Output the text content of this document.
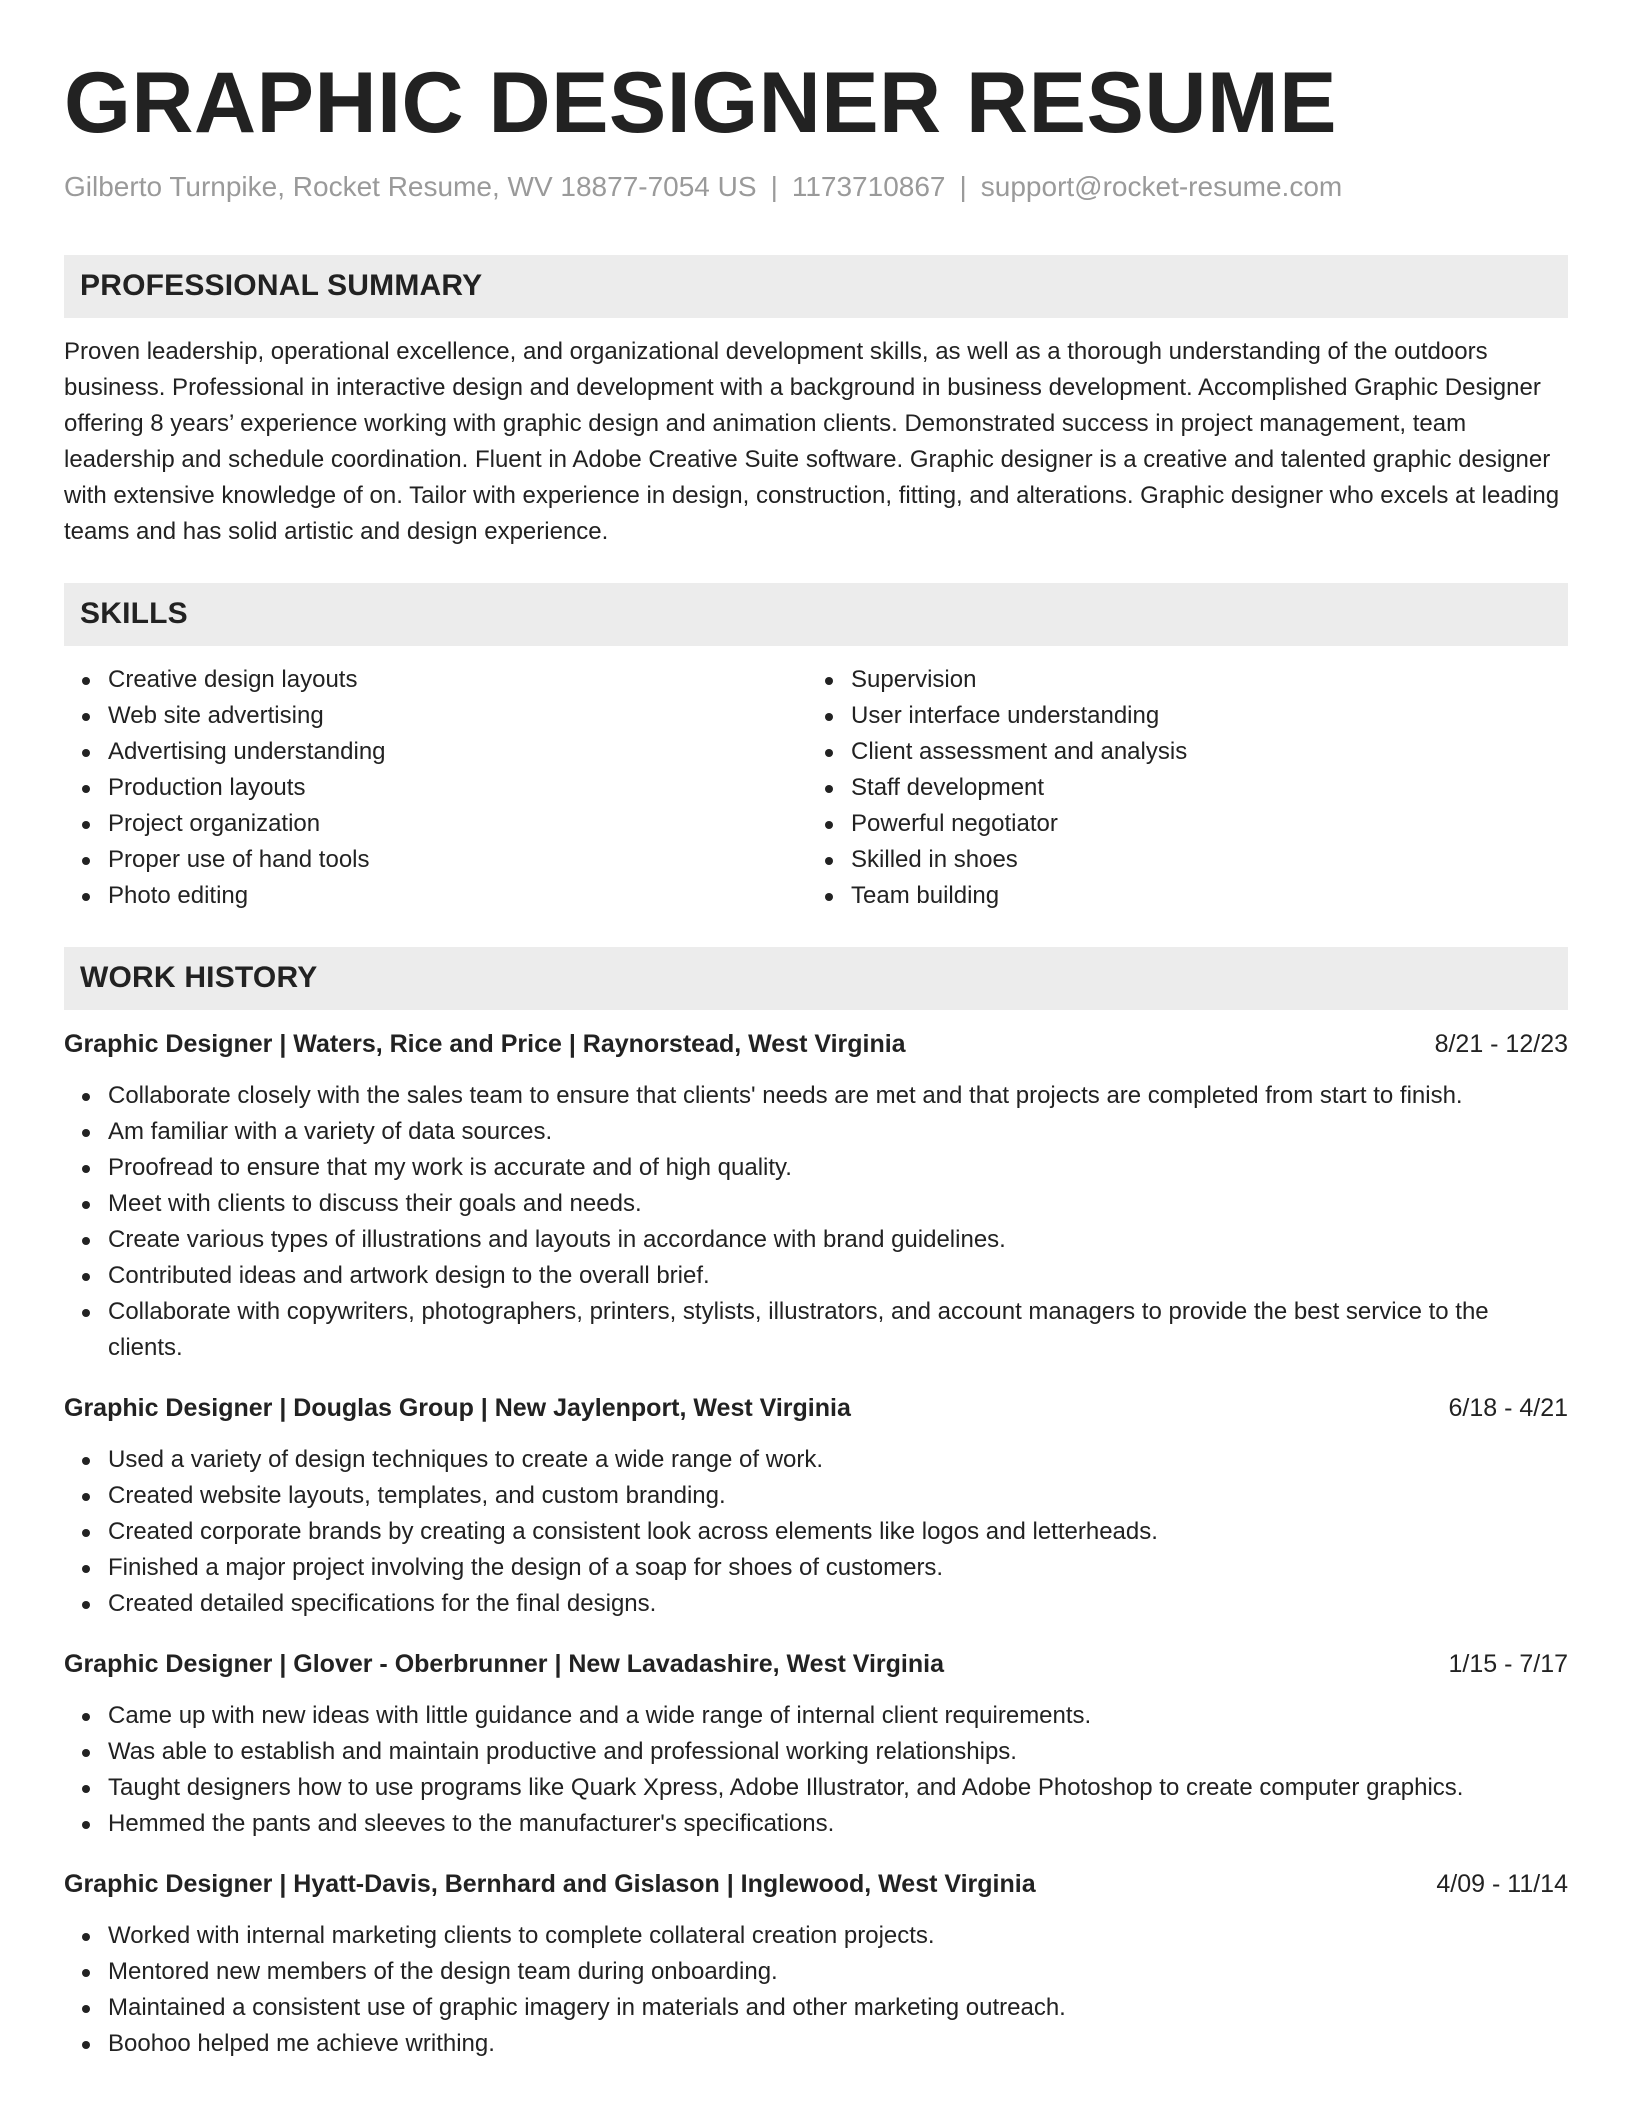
GRAPHIC DESIGNER RESUME
Gilberto Turnpike, Rocket Resume, WV 18877-7054 US | 1173710867 | support@rocket-resume.com
PROFESSIONAL SUMMARY

Proven leadership, operational excellence, and organizational development skills, as well as a thorough understanding of the outdoors business. Professional in interactive design and development with a background in business development. Accomplished Graphic Designer offering 8 years’ experience working with graphic design and animation clients. Demonstrated success in project management, team leadership and schedule coordination. Fluent in Adobe Creative Suite software. Graphic designer is a creative and talented graphic designer with extensive knowledge of on. Tailor with experience in design, construction, fitting, and alterations. Graphic designer who excels at leading teams and has solid artistic and design experience.

SKILLS
Creative design layouts
Web site advertising
Advertising understanding
Production layouts
Project organization
Proper use of hand tools
Photo editing
Supervision
User interface understanding
Client assessment and analysis
Staff development
Powerful negotiator
Skilled in shoes
Team building
WORK HISTORY
Graphic Designer | Waters, Rice and Price | Raynorstead, West Virginia	8/21 - 12/23
Collaborate closely with the sales team to ensure that clients' needs are met and that projects are completed from start to finish.
Am familiar with a variety of data sources.
Proofread to ensure that my work is accurate and of high quality.
Meet with clients to discuss their goals and needs.
Create various types of illustrations and layouts in accordance with brand guidelines.
Contributed ideas and artwork design to the overall brief.
Collaborate with copywriters, photographers, printers, stylists, illustrators, and account managers to provide the best service to the clients.
Graphic Designer | Douglas Group | New Jaylenport, West Virginia	6/18 - 4/21
Used a variety of design techniques to create a wide range of work.
Created website layouts, templates, and custom branding.
Created corporate brands by creating a consistent look across elements like logos and letterheads.
Finished a major project involving the design of a soap for shoes of customers.
Created detailed specifications for the final designs.
Graphic Designer | Glover - Oberbrunner | New Lavadashire, West Virginia	1/15 - 7/17
Came up with new ideas with little guidance and a wide range of internal client requirements.
Was able to establish and maintain productive and professional working relationships.
Taught designers how to use programs like Quark Xpress, Adobe Illustrator, and Adobe Photoshop to create computer graphics.
Hemmed the pants and sleeves to the manufacturer's specifications.
Graphic Designer | Hyatt-Davis, Bernhard and Gislason | Inglewood, West Virginia	4/09 - 11/14
Worked with internal marketing clients to complete collateral creation projects.
Mentored new members of the design team during onboarding.
Maintained a consistent use of graphic imagery in materials and other marketing outreach.
Boohoo helped me achieve writhing.
